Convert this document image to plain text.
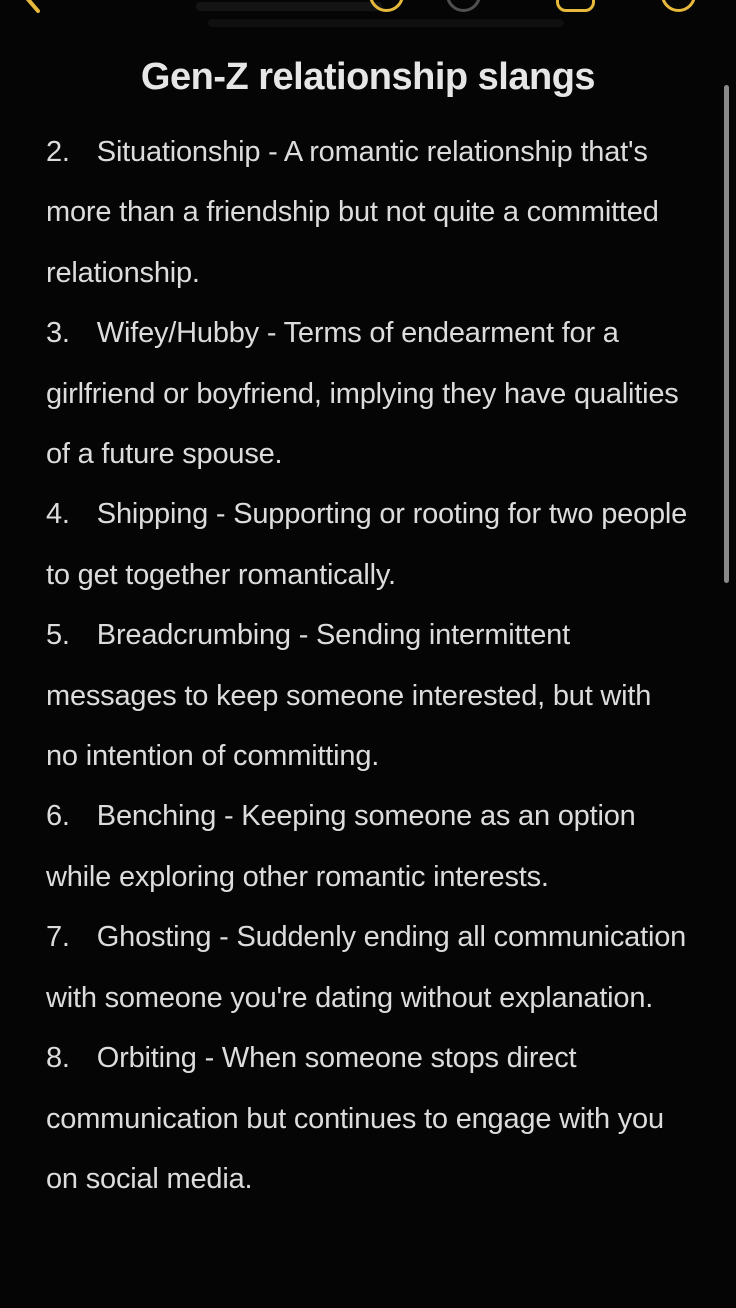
Gen-Z relationship slangs

2. Situationship - A romantic relationship that's more than a friendship but not quite a committed relationship.

3. Wifey/Hubby - Terms of endearment for a girlfriend or boyfriend, implying they have qualities of a future spouse.

4. Shipping - Supporting or rooting for two people to get together romantically.

5. Breadcrumbing - Sending intermittent messages to keep someone interested, but with no intention of committing.

6. Benching - Keeping someone as an option while exploring other romantic interests.

7. Ghosting - Suddenly ending all communication with someone you're dating without explanation.

8. Orbiting - When someone stops direct communication but continues to engage with you on social media.
